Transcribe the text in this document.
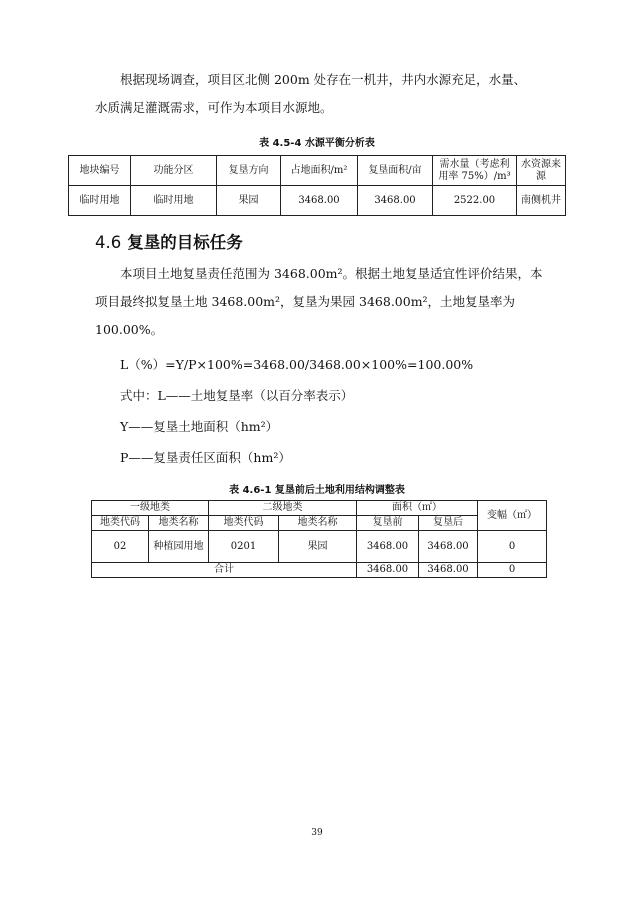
根据现场调查，项目区北侧 200m 处存在一机井，井内水源充足，水量、
水质满足灌溉需求，可作为本项目水源地。
表 4.5-4 水源平衡分析表
地块编号	功能分区	复垦方向	占地面积/m²	复垦面积/亩	需水量（考虑利用率 75%）/m³	水资源来源
临时用地	临时用地	果园	3468.00	3468.00	2522.00	南侧机井
4.6 复垦的目标任务
本项目土地复垦责任范围为 3468.00m²。根据土地复垦适宜性评价结果，本
项目最终拟复垦土地 3468.00m²，复垦为果园 3468.00m²，土地复垦率为
100.00%。
L（%）=Y/P×100%=3468.00/3468.00×100%=100.00%
式中：L——土地复垦率（以百分率表示）
Y——复垦土地面积（hm²）
P——复垦责任区面积（hm²）
表 4.6-1 复垦前后土地利用结构调整表
一级地类		二级地类		面积（㎡）		变幅（㎡）
地类代码	地类名称	地类代码	地类名称	复垦前	复垦后	
02	种植园用地	0201	果园	3468.00	3468.00	0
合计				3468.00	3468.00	0
39
